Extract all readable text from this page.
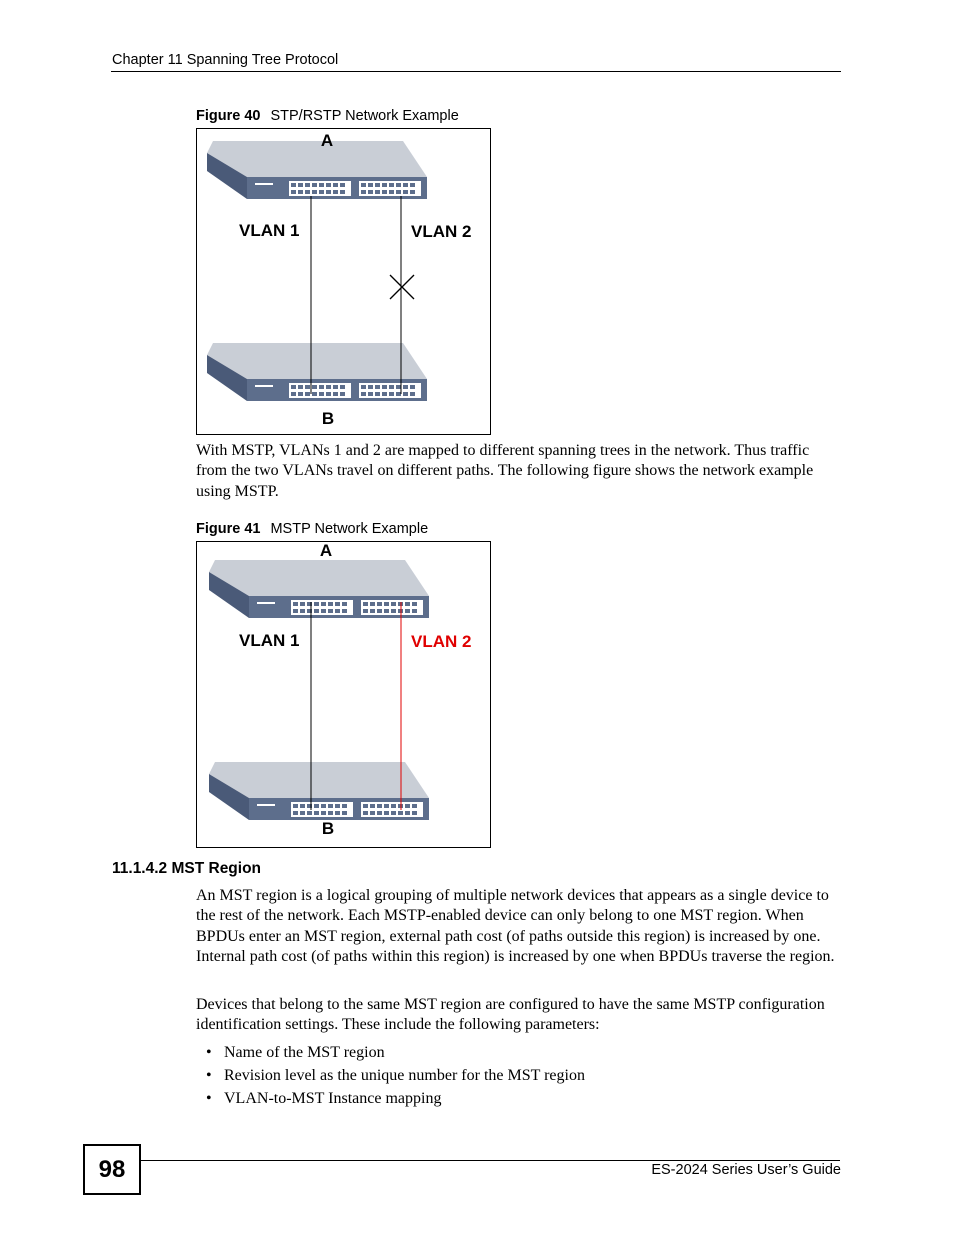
Chapter 11 Spanning Tree Protocol
Figure 40 STP/RSTP Network Example
A
B
VLAN 1	VLAN 2
With MSTP, VLANs 1 and 2 are mapped to different spanning trees in the network. Thus traffic from the two VLANs travel on different paths. The following figure shows the network example using MSTP.
Figure 41 MSTP Network Example
A
B
VLAN 1	VLAN 2
11.1.4.2 MST Region
An MST region is a logical grouping of multiple network devices that appears as a single device to the rest of the network. Each MSTP-enabled device can only belong to one MST region. When BPDUs enter an MST region, external path cost (of paths outside this region) is increased by one. Internal path cost (of paths within this region) is increased by one when BPDUs traverse the region.
Devices that belong to the same MST region are configured to have the same MSTP configuration identification settings. These include the following parameters:
• Name of the MST region
• Revision level as the unique number for the MST region
• VLAN-to-MST Instance mapping
98	ES-2024 Series User’s Guide
